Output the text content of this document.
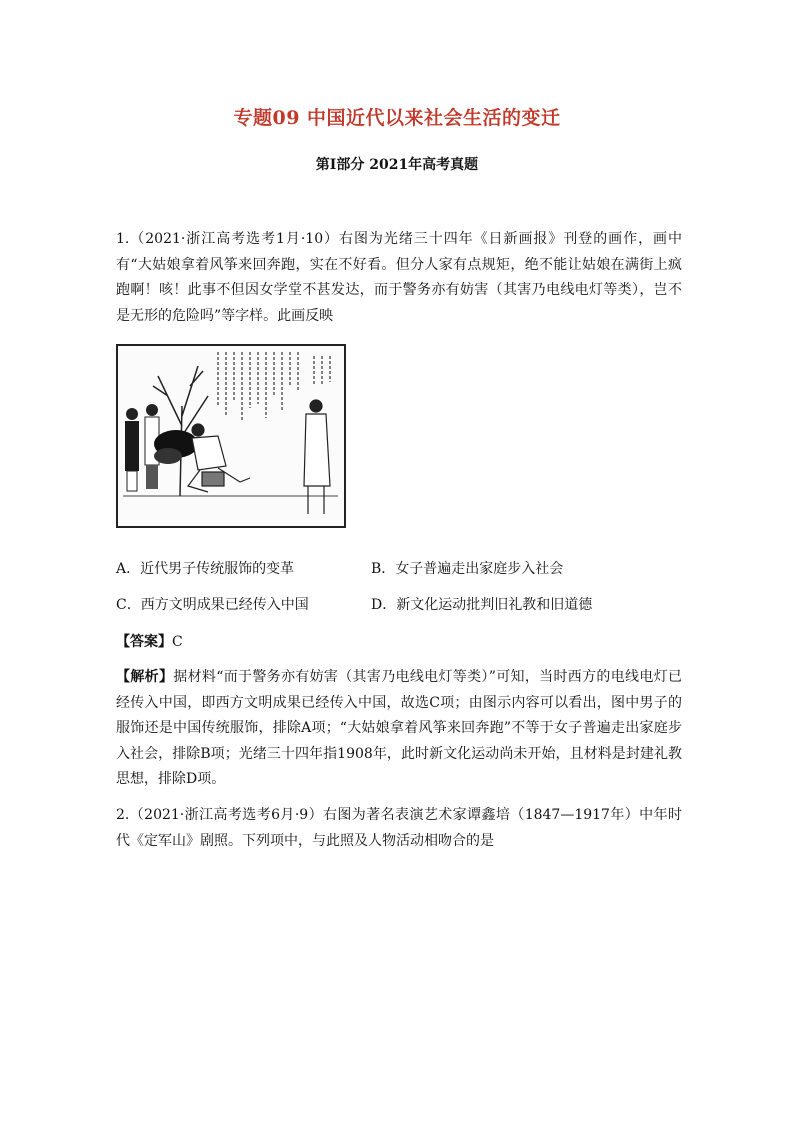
专题09 中国近代以来社会生活的变迁
第Ⅰ部分 2021年高考真题
1.（2021·浙江高考选考1月·10）右图为光绪三十四年《日新画报》刊登的画作，画中有“大姑娘拿着风筝来回奔跑，实在不好看。但分人家有点规矩，绝不能让姑娘在满街上疯跑啊！咳！此事不但因女学堂不甚发达，而于警务亦有妨害（其害乃电线电灯等类），岂不是无形的危险吗”等字样。此画反映
A．近代男子传统服饰的变革	B．女子普遍走出家庭步入社会
C．西方文明成果已经传入中国	D．新文化运动批判旧礼教和旧道德
【答案】C
【解析】据材料“而于警务亦有妨害（其害乃电线电灯等类）”可知，当时西方的电线电灯已经传入中国，即西方文明成果已经传入中国，故选C项；由图示内容可以看出，图中男子的服饰还是中国传统服饰，排除A项；“大姑娘拿着风筝来回奔跑”不等于女子普遍走出家庭步入社会，排除B项；光绪三十四年指1908年，此时新文化运动尚未开始，且材料是封建礼教思想，排除D项。
2.（2021·浙江高考选考6月·9）右图为著名表演艺术家谭鑫培（1847—1917年）中年时代《定军山》剧照。下列项中，与此照及人物活动相吻合的是
